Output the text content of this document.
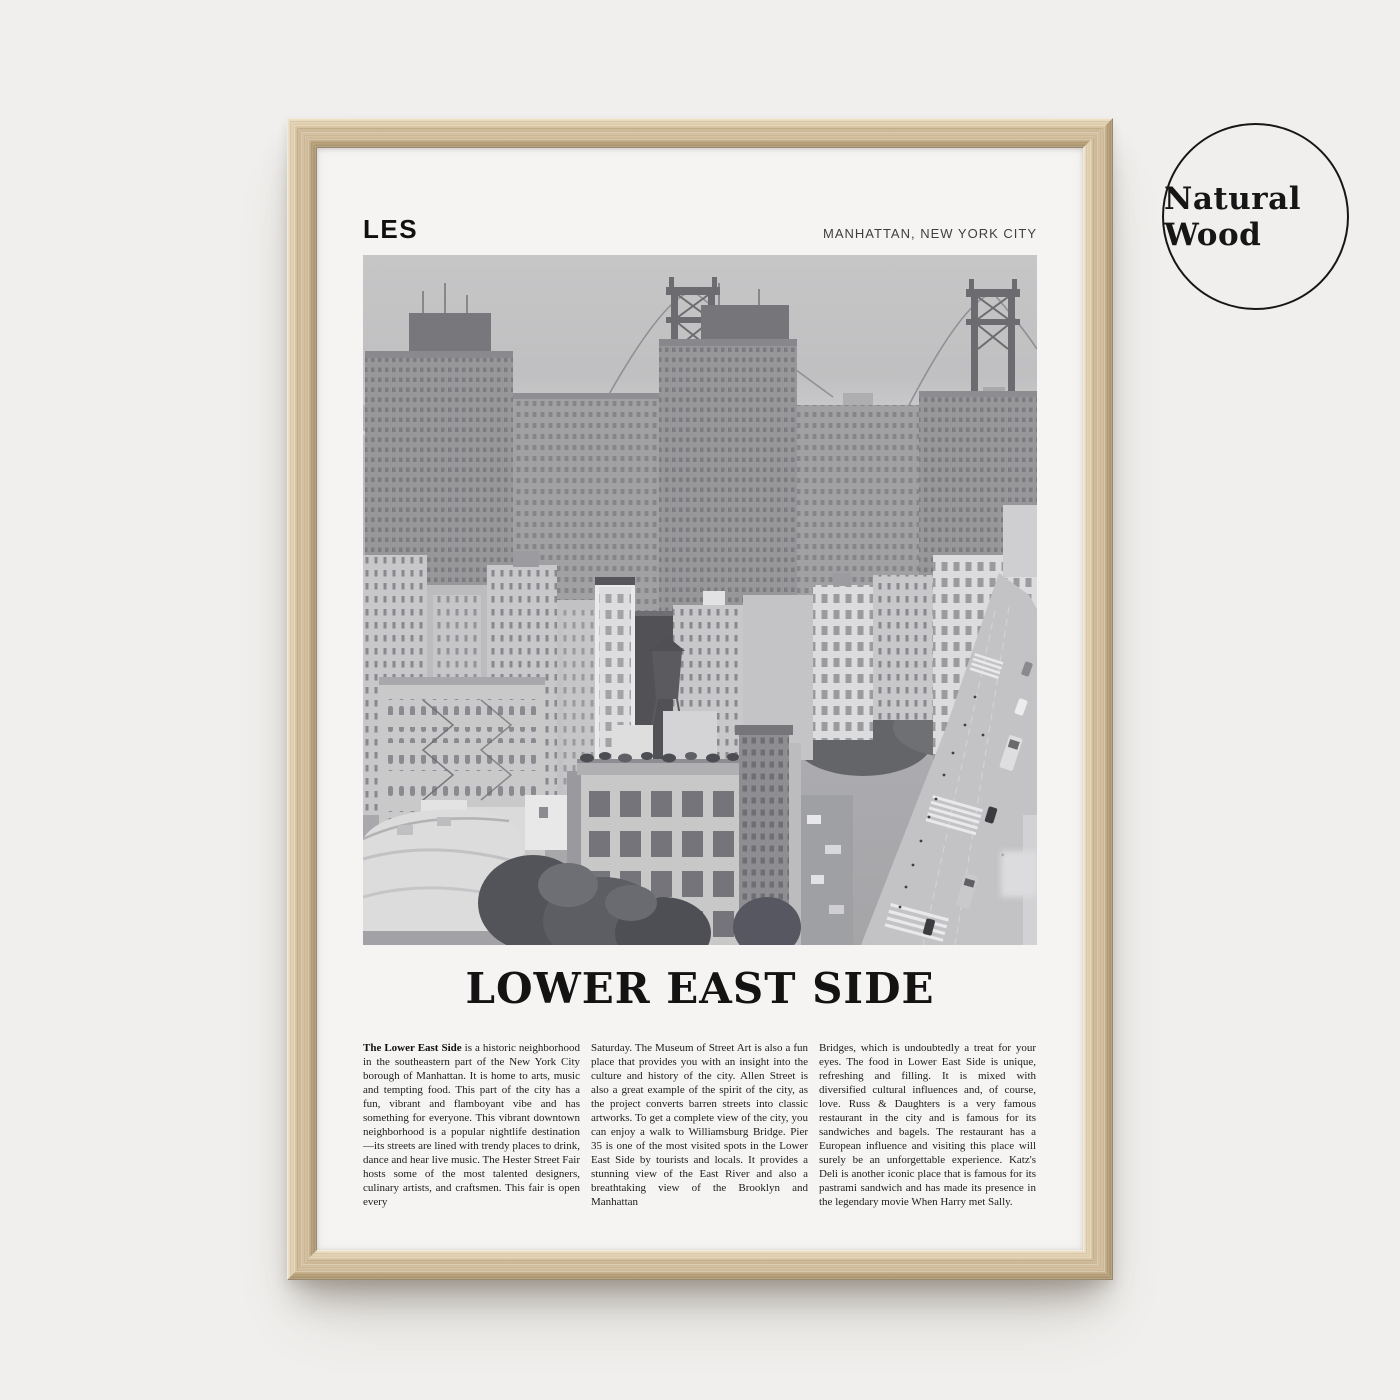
Natural Wood
LES	MANHATTAN, NEW YORK CITY
LOWER EAST SIDE

The Lower East Side is a historic neighborhood in the southeastern part of the New York City borough of Manhattan. It is home to arts, music and tempting food. This part of the city has a fun, vibrant and flamboyant vibe and has something for everyone. This vibrant downtown neighborhood is a popular nightlife destination—its streets are lined with trendy places to drink, dance and hear live music. The Hester Street Fair hosts some of the most talented designers, culinary artists, and craftsmen. This fair is open every

Saturday. The Museum of Street Art is also a fun place that provides you with an insight into the culture and history of the city. Allen Street is also a great example of the spirit of the city, as the project converts barren streets into classic artworks. To get a complete view of the city, you can enjoy a walk to Williamsburg Bridge. Pier 35 is one of the most visited spots in the Lower East Side by tourists and locals. It provides a stunning view of the East River and also a breathtaking view of the Brooklyn and Manhattan

Bridges, which is undoubtedly a treat for your eyes. The food in Lower East Side is unique, refreshing and filling. It is mixed with diversified cultural influences and, of course, love. Russ & Daughters is a very famous restaurant in the city and is famous for its sandwiches and bagels. The restaurant has a European influence and visiting this place will surely be an unforgettable experience. Katz's Deli is another iconic place that is famous for its pastrami sandwich and has made its presence in the legendary movie When Harry met Sally.
